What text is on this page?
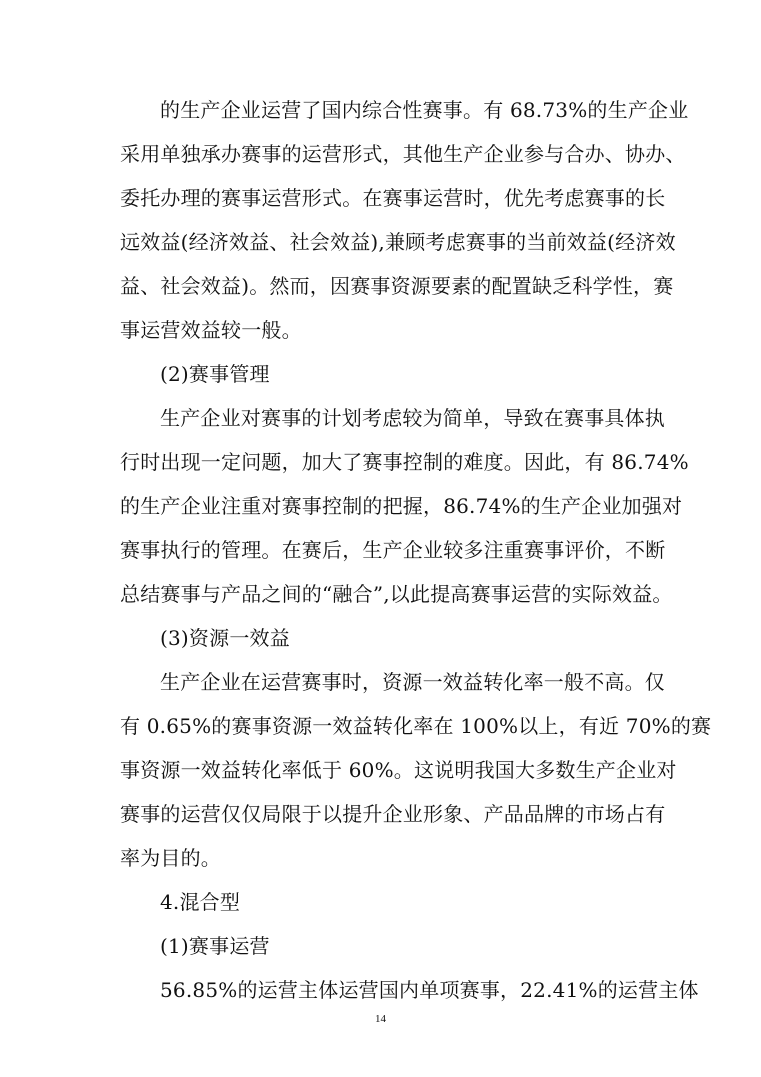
的生产企业运营了国内综合性赛事。有 68.73%的生产企业
采用单独承办赛事的运营形式，其他生产企业参与合办、协办、
委托办理的赛事运营形式。在赛事运营时，优先考虑赛事的长
远效益(经济效益、社会效益),兼顾考虑赛事的当前效益(经济效
益、社会效益)。然而，因赛事资源要素的配置缺乏科学性，赛
事运营效益较一般。
(2)赛事管理
生产企业对赛事的计划考虑较为简单，导致在赛事具体执
行时出现一定问题，加大了赛事控制的难度。因此，有 86.74%
的生产企业注重对赛事控制的把握，86.74%的生产企业加强对
赛事执行的管理。在赛后，生产企业较多注重赛事评价，不断
总结赛事与产品之间的“融合”,以此提高赛事运营的实际效益。
(3)资源一效益
生产企业在运营赛事时，资源一效益转化率一般不高。仅
有 0.65%的赛事资源一效益转化率在 100%以上，有近 70%的赛
事资源一效益转化率低于 60%。这说明我国大多数生产企业对
赛事的运营仅仅局限于以提升企业形象、产品品牌的市场占有
率为目的。
4.混合型
(1)赛事运营
56.85%的运营主体运营国内单项赛事，22.41%的运营主体
14
